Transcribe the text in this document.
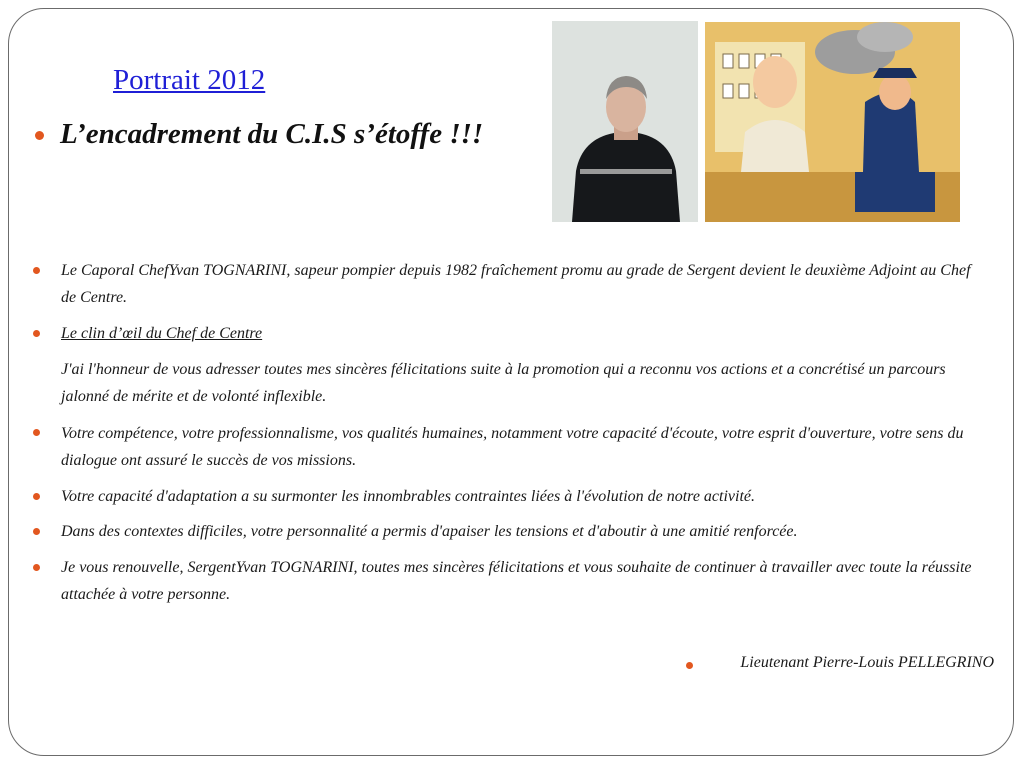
Portrait 2012
L’encadrement du C.I.S s’étoffe !!!
Le Caporal ChefYvan TOGNARINI, sapeur pompier depuis 1982 fraîchement promu au grade de Sergent devient le deuxième Adjoint au Chef de Centre.
Le clin d’œil du Chef de Centre
J'ai l'honneur de vous adresser toutes mes sincères félicitations suite à la promotion qui a reconnu vos actions et a concrétisé un parcours jalonné de mérite et de volonté inflexible.
Votre compétence, votre professionnalisme, vos qualités humaines, notamment votre capacité d'écoute, votre esprit d'ouverture, votre sens du dialogue ont assuré le succès de vos missions.
Votre capacité d'adaptation a su surmonter les innombrables contraintes liées à l'évolution de notre activité.
Dans des contextes difficiles, votre personnalité a permis d'apaiser les tensions et d'aboutir à une amitié renforcée.
Je vous renouvelle, SergentYvan TOGNARINI, toutes mes sincères félicitations et vous souhaite de continuer à travailler avec toute la réussite attachée à votre personne.
Lieutenant Pierre-Louis PELLEGRINO
